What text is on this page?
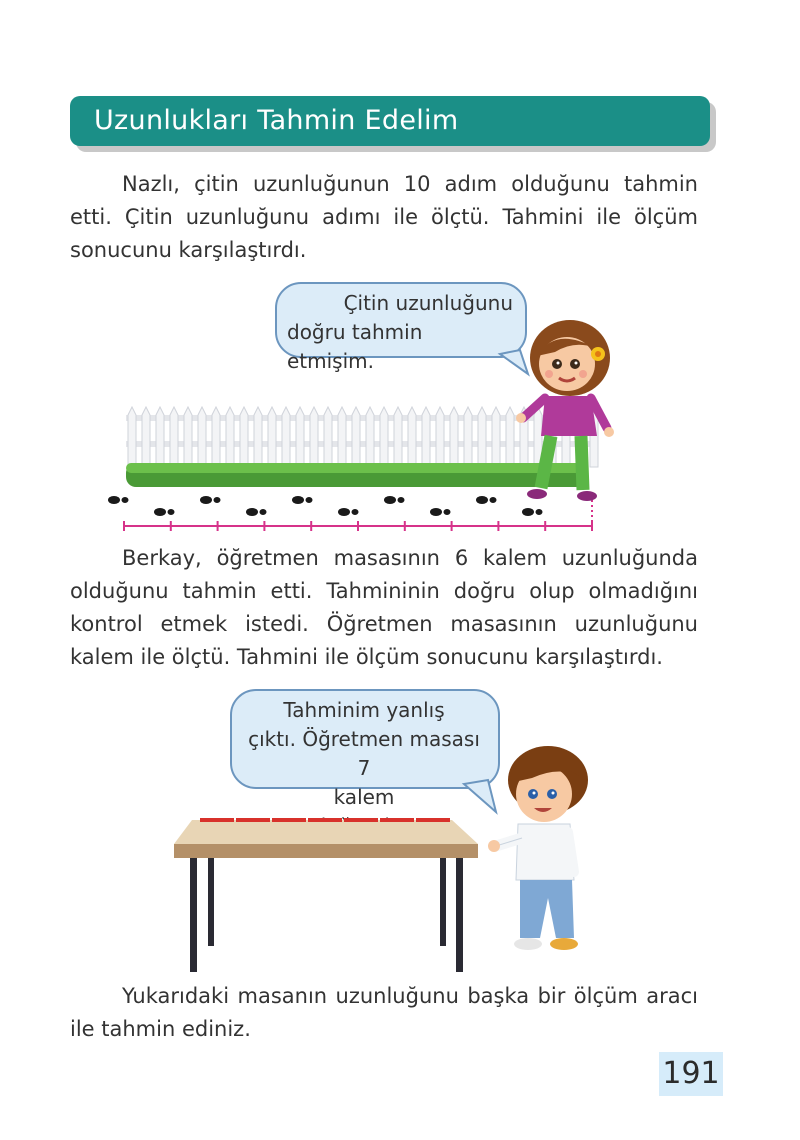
Uzunlukları Tahmin Edelim
Nazlı, çitin uzunluğunun 10 adım olduğunu tahmin etti. Çitin uzunluğunu adımı ile ölçtü. Tahmini ile ölçüm sonucunu karşılaştırdı.
Çitin uzunluğunu
doğru tahmin etmişim.
Berkay, öğretmen masasının 6 kalem uzunluğunda olduğunu tahmin etti. Tahmininin doğru olup olmadığını kontrol etmek istedi. Öğretmen masasının uzunluğunu kalem ile ölçtü. Tahmini ile ölçüm sonucunu karşılaştırdı.
Tahminim yanlış
çıktı. Öğretmen masası 7
kalem
Yukarıdaki masanın uzunluğunu başka bir ölçüm aracı ile tahmin ediniz.
191
